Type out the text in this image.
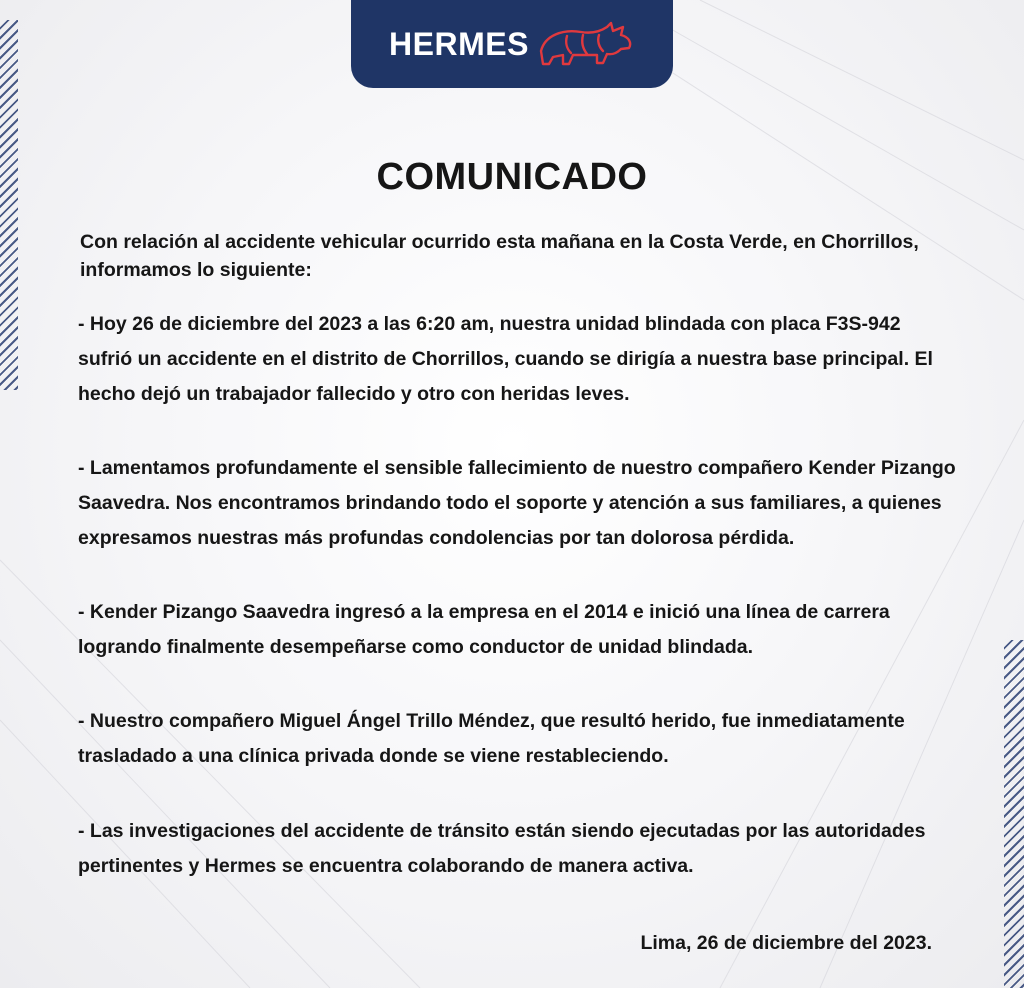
HERMES
COMUNICADO
Con relación al accidente vehicular ocurrido esta mañana en la Costa Verde, en Chorrillos, informamos lo siguiente:
- Hoy 26 de diciembre del 2023 a las 6:20 am, nuestra unidad blindada con placa F3S-942 sufrió un accidente en el distrito de Chorrillos, cuando se dirigía a nuestra base principal. El hecho dejó un trabajador fallecido y otro con heridas leves.
- Lamentamos profundamente el sensible fallecimiento de nuestro compañero Kender Pizango Saavedra. Nos encontramos brindando todo el soporte y atención a sus familiares, a quienes expresamos nuestras más profundas condolencias por tan dolorosa pérdida.
- Kender Pizango Saavedra ingresó a la empresa en el 2014 e inició una línea de carrera logrando finalmente desempeñarse como conductor de unidad blindada.
- Nuestro compañero Miguel Ángel Trillo Méndez, que resultó herido, fue inmediatamente trasladado a una clínica privada donde se viene restableciendo.
- Las investigaciones del accidente de tránsito están siendo ejecutadas por las autoridades pertinentes y Hermes se encuentra colaborando de manera activa.
Lima, 26 de diciembre del 2023.
